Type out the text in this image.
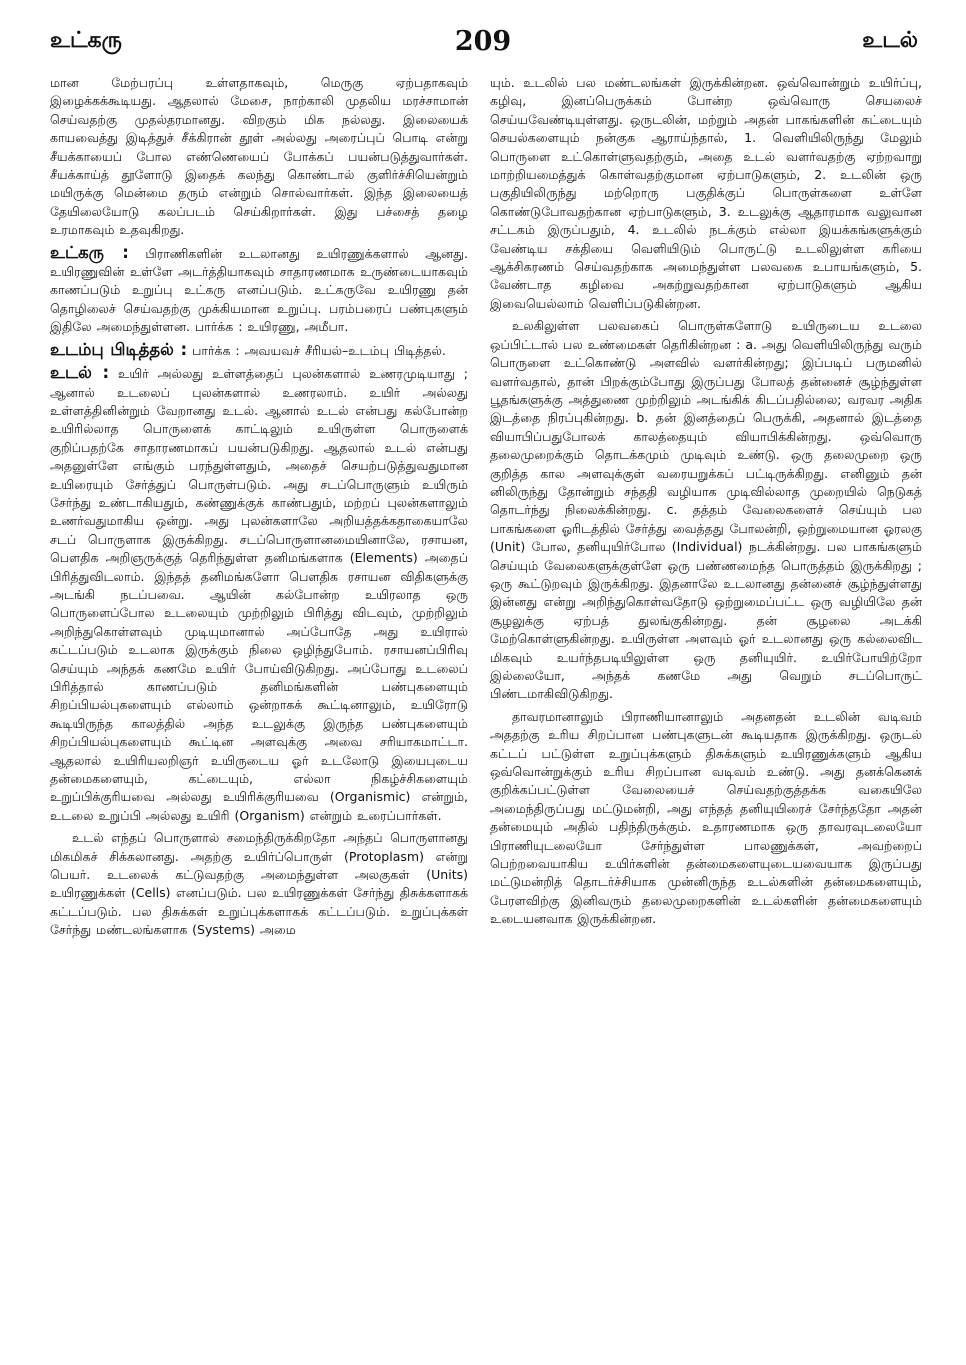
உட்கரு	209	உடல்

மான மேற்பரப்பு உள்ளதாகவும், மெருகு ஏற்பதாகவும் இழைக்கக்கூடியது. ஆதலால் மேசை, நாற்காலி முதலிய மரச்சாமான் செய்வதற்கு முதல்தரமானது. விறகும் மிக நல்லது. இலையைக் காயவைத்து இடித்துச் சீக்கிரான் தூள் அல்லது அரைப்புப் பொடி என்று சீயக்காயைப் போல எண்ணெயைப் போக்கப் பயன்படுத்துவார்கள். சீயக்காய்த் தூளோடு இதைக் கலந்து கொண்டால் குளிர்ச்சியென்றும் மயிருக்கு மென்மை தரும் என்றும் சொல்வார்கள். இந்த இலையைத் தேயிலையோடு கலப்படம் செய்கிறார்கள். இது பச்சைத் தழை உரமாகவும் உதவுகிறது.

உட்கரு : பிராணிகளின் உடலானது உயிரணுக்களால் ஆனது. உயிரணுவின் உள்ளே அடர்த்தியாகவும் சாதாரணமாக உருண்டையாகவும் காணப்படும் உறுப்பு உட்கரு எனப்படும். உட்கருவே உயிரணு தன் தொழிலைச் செய்வதற்கு முக்கியமான உறுப்பு. பரம்பரைப் பண்புகளும் இதிலே அமைந்துள்ளன. பார்க்க : உயிரணு, அமீபா.

உடம்பு பிடித்தல் : பார்க்க : அவயவச் சீரியல்–உடம்பு பிடித்தல்.

உடல் : உயிர் அல்லது உள்ளத்தைப் புலன்களால் உணரமுடியாது ; ஆனால் உடலைப் புலன்களால் உணரலாம். உயிர் அல்லது உள்ளத்தினின்றும் வேறானது உடல். ஆனால் உடல் என்பது கல்போன்ற உயிரில்லாத பொருளைக் காட்டிலும் உயிருள்ள பொருளைக் குறிப்பதற்கே சாதாரணமாகப் பயன்படுகிறது. ஆதலால் உடல் என்பது அதனுள்ளே எங்கும் பரந்துள்ளதும், அதைச் செயற்படுத்துவதுமான உயிரையும் சேர்த்துப் பொருள்படும். அது சடப்பொருளும் உயிரும் சேர்ந்து உண்டாகியதும், கண்ணுக்குக் காண்பதும், மற்றப் புலன்களாலும் உணர்வதுமாகிய ஒன்று. அது புலன்களாலே அறியத்தக்கதாகையாலே சடப் பொருளாக இருக்கிறது. சடப்பொருளானமையினாலே, ரசாயன, பௌதிக அறிஞருக்குத் தெரிந்துள்ள தனிமங்களாக (Elements) அதைப் பிரித்துவிடலாம். இந்தத் தனிமங்களோ பௌதிக ரசாயன விதிகளுக்கு அடங்கி நடப்பவை. ஆயின் கல்போன்ற உயிரலாத ஒரு பொருளைப்போல உடலையும் முற்றிலும் பிரித்து விடவும், முற்றிலும் அறிந்துகொள்ளவும் முடியுமானால் அப்போதே அது உயிரால் கட்டப்படும் உடலாக இருக்கும் நிலை ஒழிந்துபோம். ரசாயனப்பிரிவு செய்யும் அந்தக் கணமே உயிர் போய்விடுகிறது. அப்போது உடலைப் பிரித்தால் காணப்படும் தனிமங்களின் பண்புகளையும் சிறப்பியல்புகளையும் எல்லாம் ஒன்றாகக் கூட்டினாலும், உயிரோடு கூடியிருந்த காலத்தில் அந்த உடலுக்கு இருந்த பண்புகளையும் சிறப்பியல்புகளையும் கூட்டின அளவுக்கு அவை சரியாகமாட்டா. ஆதலால் உயிரியலறிஞர் உயிருடைய ஓர் உடலோடு இயைபுடைய தன்மைகளையும், கட்டையும், எல்லா நிகழ்ச்சிகளையும் உறுப்பிக்குரியவை அல்லது உயிரிக்குரியவை (Organismic) என்றும், உடலை உறுப்பி அல்லது உயிரி (Organism) என்றும் உரைப்பார்கள்.

உடல் எந்தப் பொருளால் சமைந்திருக்கிறதோ அந்தப் பொருளானது மிகமிகச் சிக்கலானது. அதற்கு உயிர்ப்பொருள் (Protoplasm) என்று பெயர். உடலைக் கட்டுவதற்கு அமைந்துள்ள அலகுகள் (Units) உயிரணுக்கள் (Cells) எனப்படும். பல உயிரணுக்கள் சேர்ந்து திசுக்களாகக் கட்டப்படும். பல திசுக்கள் உறுப்புக்களாகக் கட்டப்படும். உறுப்புக்கள் சேர்ந்து மண்டலங்களாக (Systems) அமை

யும். உடலில் பல மண்டலங்கள் இருக்கின்றன. ஒவ்வொன்றும் உயிர்ப்பு, கழிவு, இனப்பெருக்கம் போன்ற ஒவ்வொரு செயலைச் செய்யவேண்டியுள்ளது. ஒருடலின், மற்றும் அதன் பாகங்களின் கட்டையும் செயல்களையும் நன்குக ஆராய்ந்தால், 1. வெளியிலிருந்து மேலும் பொருளை உட்கொள்ளுவதற்கும், அதை உடல் வளர்வதற்கு ஏற்றவாறு மாற்றியமைத்துக் கொள்வதற்குமான ஏற்பாடுகளும், 2. உடலின் ஒரு பகுதியிலிருந்து மற்றொரு பகுதிக்குப் பொருள்களை உள்ளே கொண்டுபோவதற்கான ஏற்பாடுகளும், 3. உடலுக்கு ஆதாரமாக வலுவான சட்டகம் இருப்பதும், 4. உடலில் நடக்கும் எல்லா இயக்கங்களுக்கும் வேண்டிய சக்தியை வெளியிடும் பொருட்டு உடலிலுள்ள கரியை ஆக்சிகரணம் செய்வதற்காக அமைந்துள்ள பலவகை உபாயங்களும், 5. வேண்டாத கழிவை அகற்றுவதற்கான ஏற்பாடுகளும் ஆகிய இவையெல்லாம் வெளிப்படுகின்றன.

உலகிலுள்ள பலவகைப் பொருள்களோடு உயிருடைய உடலை ஒப்பிட்டால் பல உண்மைகள் தெரிகின்றன : a. அது வெளியிலிருந்து வரும் பொருளை உட்கொண்டு அளவில் வளர்கின்றது; இப்படிப் பருமனில் வளர்வதால், தான் பிறக்கும்போது இருப்பது போலத் தன்னைச் சூழ்ந்துள்ள பூதங்களுக்கு அத்துணை முற்றிலும் அடங்கிக் கிடப்பதில்லை; வரவர அதிக இடத்தை நிரப்புகின்றது. b. தன் இனத்தைப் பெருக்கி, அதனால் இடத்தை வியாபிப்பதுபோலக் காலத்தையும் வியாபிக்கின்றது. ஒவ்வொரு தலைமுறைக்கும் தொடக்கமும் முடிவும் உண்டு. ஒரு தலைமுறை ஒரு குறித்த கால அளவுக்குள் வரையறுக்கப் பட்டிருக்கிறது. எனினும் தன் னிலிருந்து தோன்றும் சந்ததி வழியாக முடிவில்லாத முறையில் நெடுகத் தொடர்ந்து நிலைக்கின்றது. c. தத்தம் வேலைகளைச் செய்யும் பல பாகங்களை ஓரிடத்தில் சேர்த்து வைத்தது போலன்றி, ஒற்றுமையான ஓரலகு (Unit) போல, தனியுயிர்போல (Individual) நடக்கின்றது. பல பாகங்களும் செய்யும் வேலைகளுக்குள்ளே ஒரு பண்ணமைந்த பொருத்தம் இருக்கிறது ; ஒரு கூட்டுறவும் இருக்கிறது. இதனாலே உடலானது தன்னைச் சூழ்ந்துள்ளது இன்னது என்று அறிந்துகொள்வதோடு ஒற்றுமைப்பட்ட ஒரு வழியிலே தன் சூழலுக்கு ஏற்பத் துலங்குகின்றது. தன் சூழலை அடக்கி மேற்கொள்ளுகின்றது. உயிருள்ள அளவும் ஓர் உடலானது ஒரு கல்லைவிட மிகவும் உயர்ந்தபடியிலுள்ள ஒரு தனியுயிர். உயிர்போயிற்றோ இல்லையோ, அந்தக் கணமே அது வெறும் சடப்பொருட் பிண்டமாகிவிடுகிறது.

தாவரமானாலும் பிராணியானாலும் அதனதன் உடலின் வடிவம் அததற்கு உரிய சிறப்பான பண்புகளுடன் கூடியதாக இருக்கிறது. ஒருடல் கட்டப் பட்டுள்ள உறுப்புக்களும் திசுக்களும் உயிரணுக்களும் ஆகிய ஒவ்வொன்றுக்கும் உரிய சிறப்பான வடிவம் உண்டு. அது தனக்கெனக் குறிக்கப்பட்டுள்ள வேலையைச் செய்வதற்குத்தக்க வகையிலே அமைந்திருப்பது மட்டுமன்றி, அது எந்தத் தனியுயிரைச் சேர்ந்ததோ அதன் தன்மையும் அதில் பதிந்திருக்கும். உதாரணமாக ஒரு தாவரவுடலையோ பிராணியுடலையோ சேர்ந்துள்ள பாலணுக்கள், அவற்றைப் பெற்றவையாகிய உயிர்களின் தன்மைகளையுடையவையாக இருப்பது மட்டுமன்றித் தொடர்ச்சியாக முன்னிருந்த உடல்களின் தன்மைகளையும், பேரளவிற்கு இனிவரும் தலைமுறைகளின் உடல்களின் தன்மைகளையும் உடையனவாக இருக்கின்றன.
